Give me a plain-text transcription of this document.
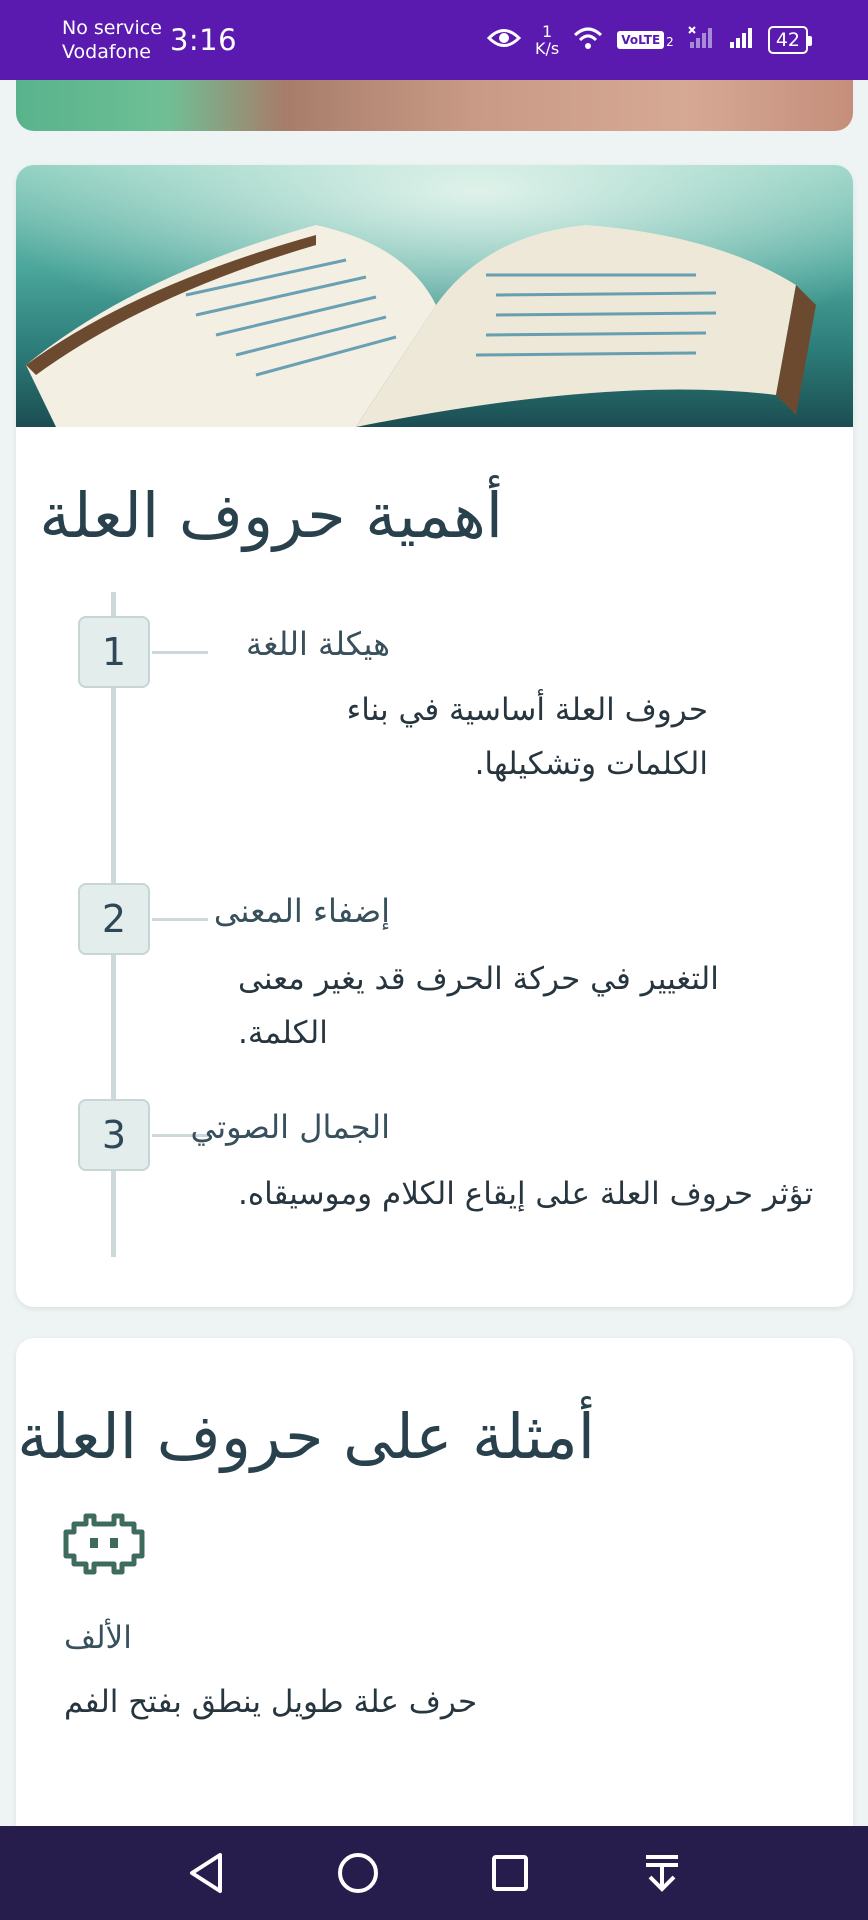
No service
Vodafone 3:16	1
K/s	VoLTE 2	42
أهمية حروف العلة
1	هيكلة اللغة
حروف العلة أساسية في بناء الكلمات وتشكيلها.
2	إضفاء المعنى
التغيير في حركة الحرف قد يغير معنى الكلمة.
3	الجمال الصوتي
تؤثر حروف العلة على إيقاع الكلام وموسيقاه.
أمثلة على حروف العلة
الألف
حرف علة طويل ينطق بفتح الفم
